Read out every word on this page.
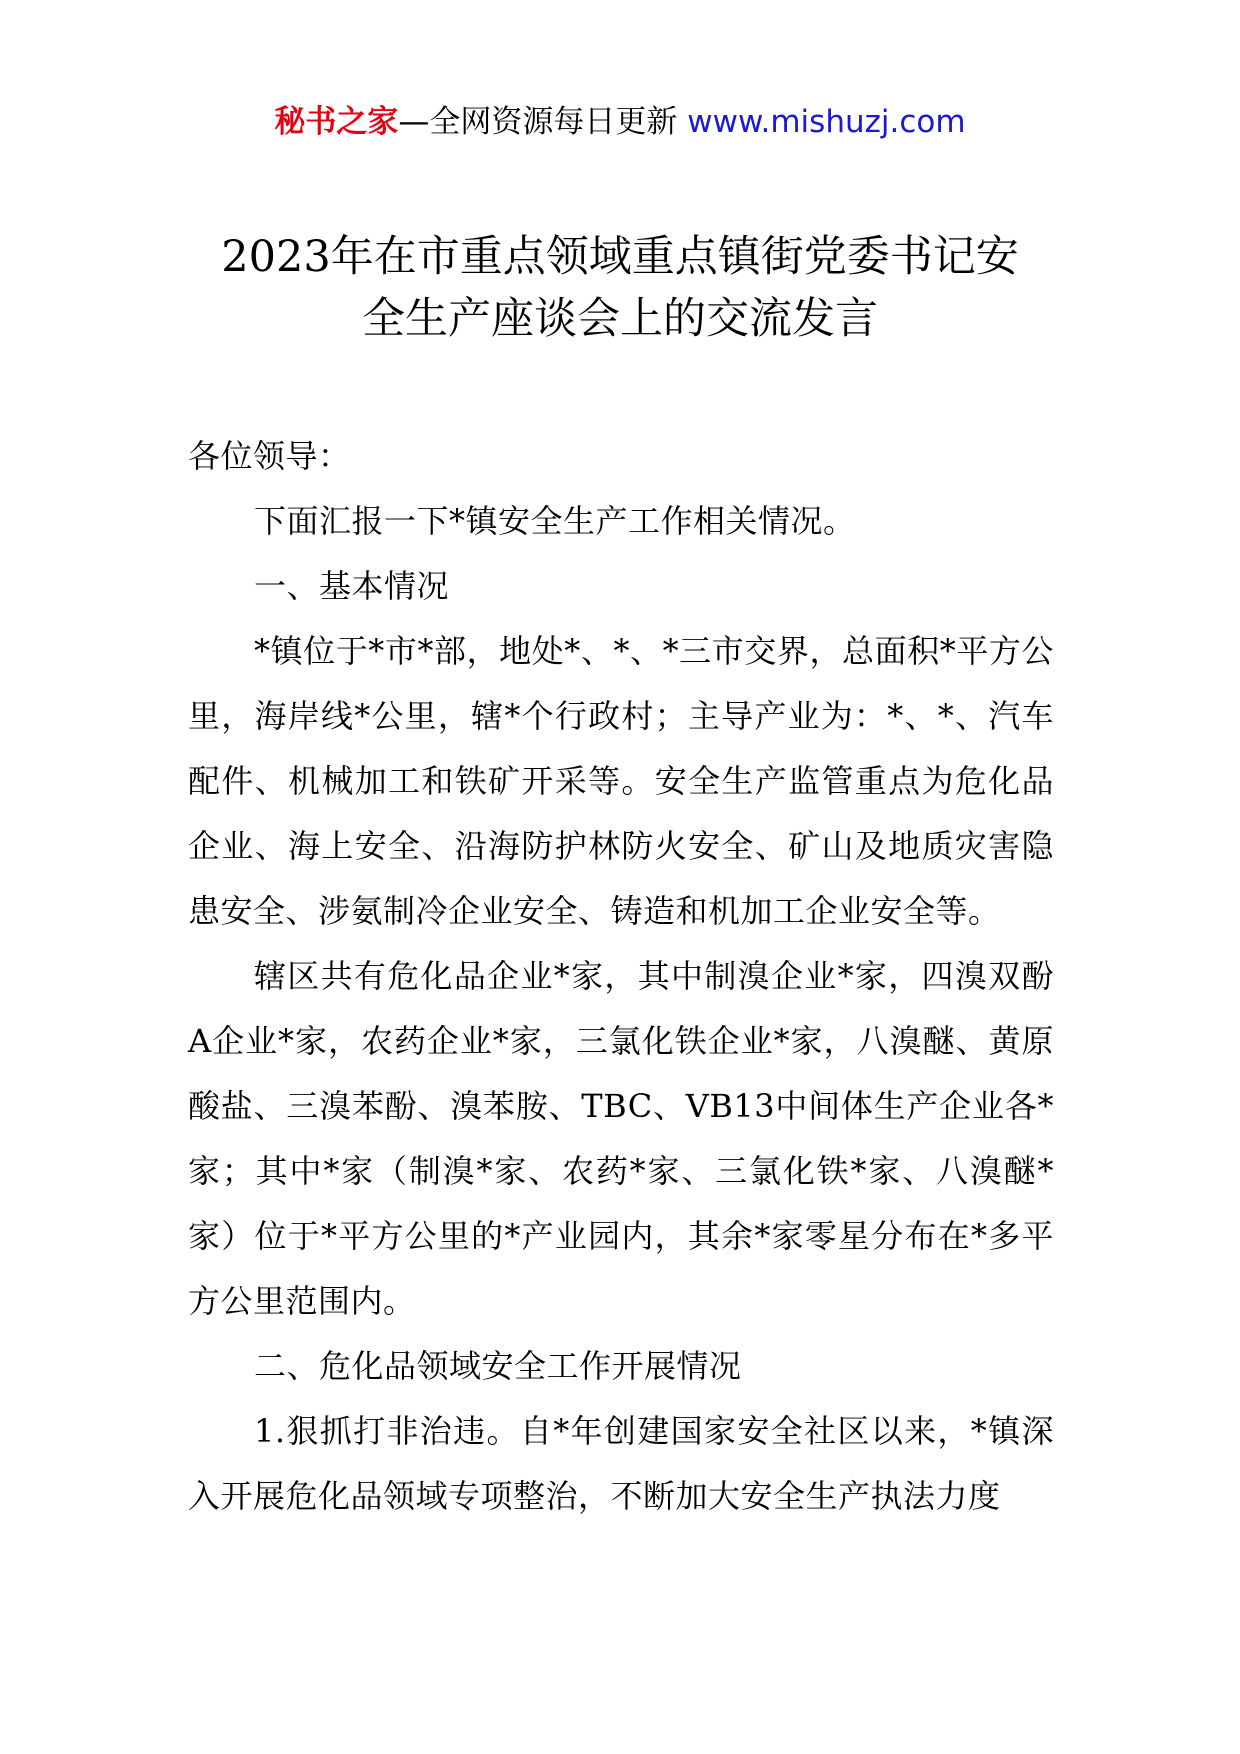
秘书之家—全网资源每日更新 www.mishuzj.com
2023年在市重点领域重点镇街党委书记安
全生产座谈会上的交流发言

各位领导：

下面汇报一下*镇安全生产工作相关情况。

一、基本情况

*镇位于*市*部，地处*、*、*三市交界，总面积*平方公里，海岸线*公里，辖*个行政村；主导产业为：*、*、汽车配件、机械加工和铁矿开采等。安全生产监管重点为危化品企业、海上安全、沿海防护林防火安全、矿山及地质灾害隐患安全、涉氨制冷企业安全、铸造和机加工企业安全等。

辖区共有危化品企业*家，其中制溴企业*家，四溴双酚A企业*家，农药企业*家，三氯化铁企业*家，八溴醚、黄原酸盐、三溴苯酚、溴苯胺、TBC、VB13中间体生产企业各*家；其中*家（制溴*家、农药*家、三氯化铁*家、八溴醚*家）位于*平方公里的*产业园内，其余*家零星分布在*多平方公里范围内。

二、危化品领域安全工作开展情况

1.狠抓打非治违。自*年创建国家安全社区以来，*镇深入开展危化品领域专项整治，不断加大安全生产执法力度
